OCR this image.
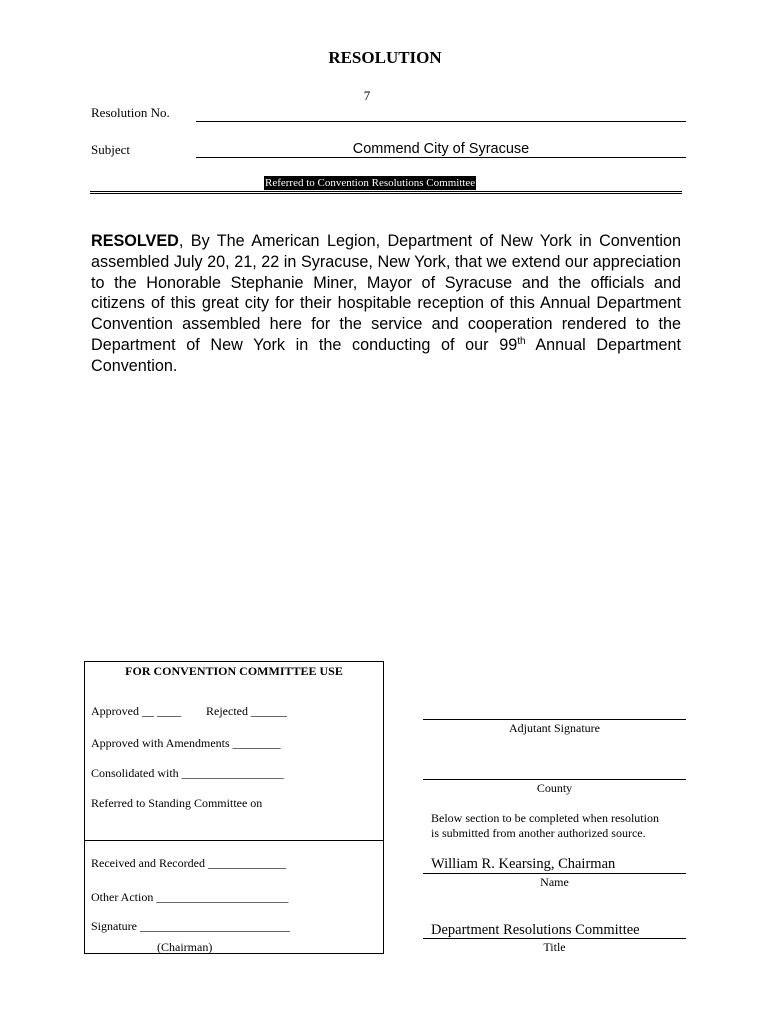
RESOLUTION
Resolution No.
7
Subject	Commend City of Syracuse
Referred to Convention Resolutions Committee
RESOLVED, By The American Legion, Department of New York in Convention assembled July 20, 21, 22 in Syracuse, New York, that we extend our appreciation to the Honorable Stephanie Miner, Mayor of Syracuse and the officials and citizens of this great city for their hospitable reception of this Annual Department Convention assembled here for the service and cooperation rendered to the Department of New York in the conducting of our 99th Annual Department Convention.
FOR CONVENTION COMMITTEE USE
Approved __ ____ Rejected ______
Approved with Amendments ________
Consolidated with _________________
Referred to Standing Committee on
Received and Recorded _____________
Other Action ______________________
Signature _________________________
(Chairman)
Adjutant Signature
County
Below section to be completed when resolution
is submitted from another authorized source.
William R. Kearsing, Chairman
Name
Department Resolutions Committee
Title
